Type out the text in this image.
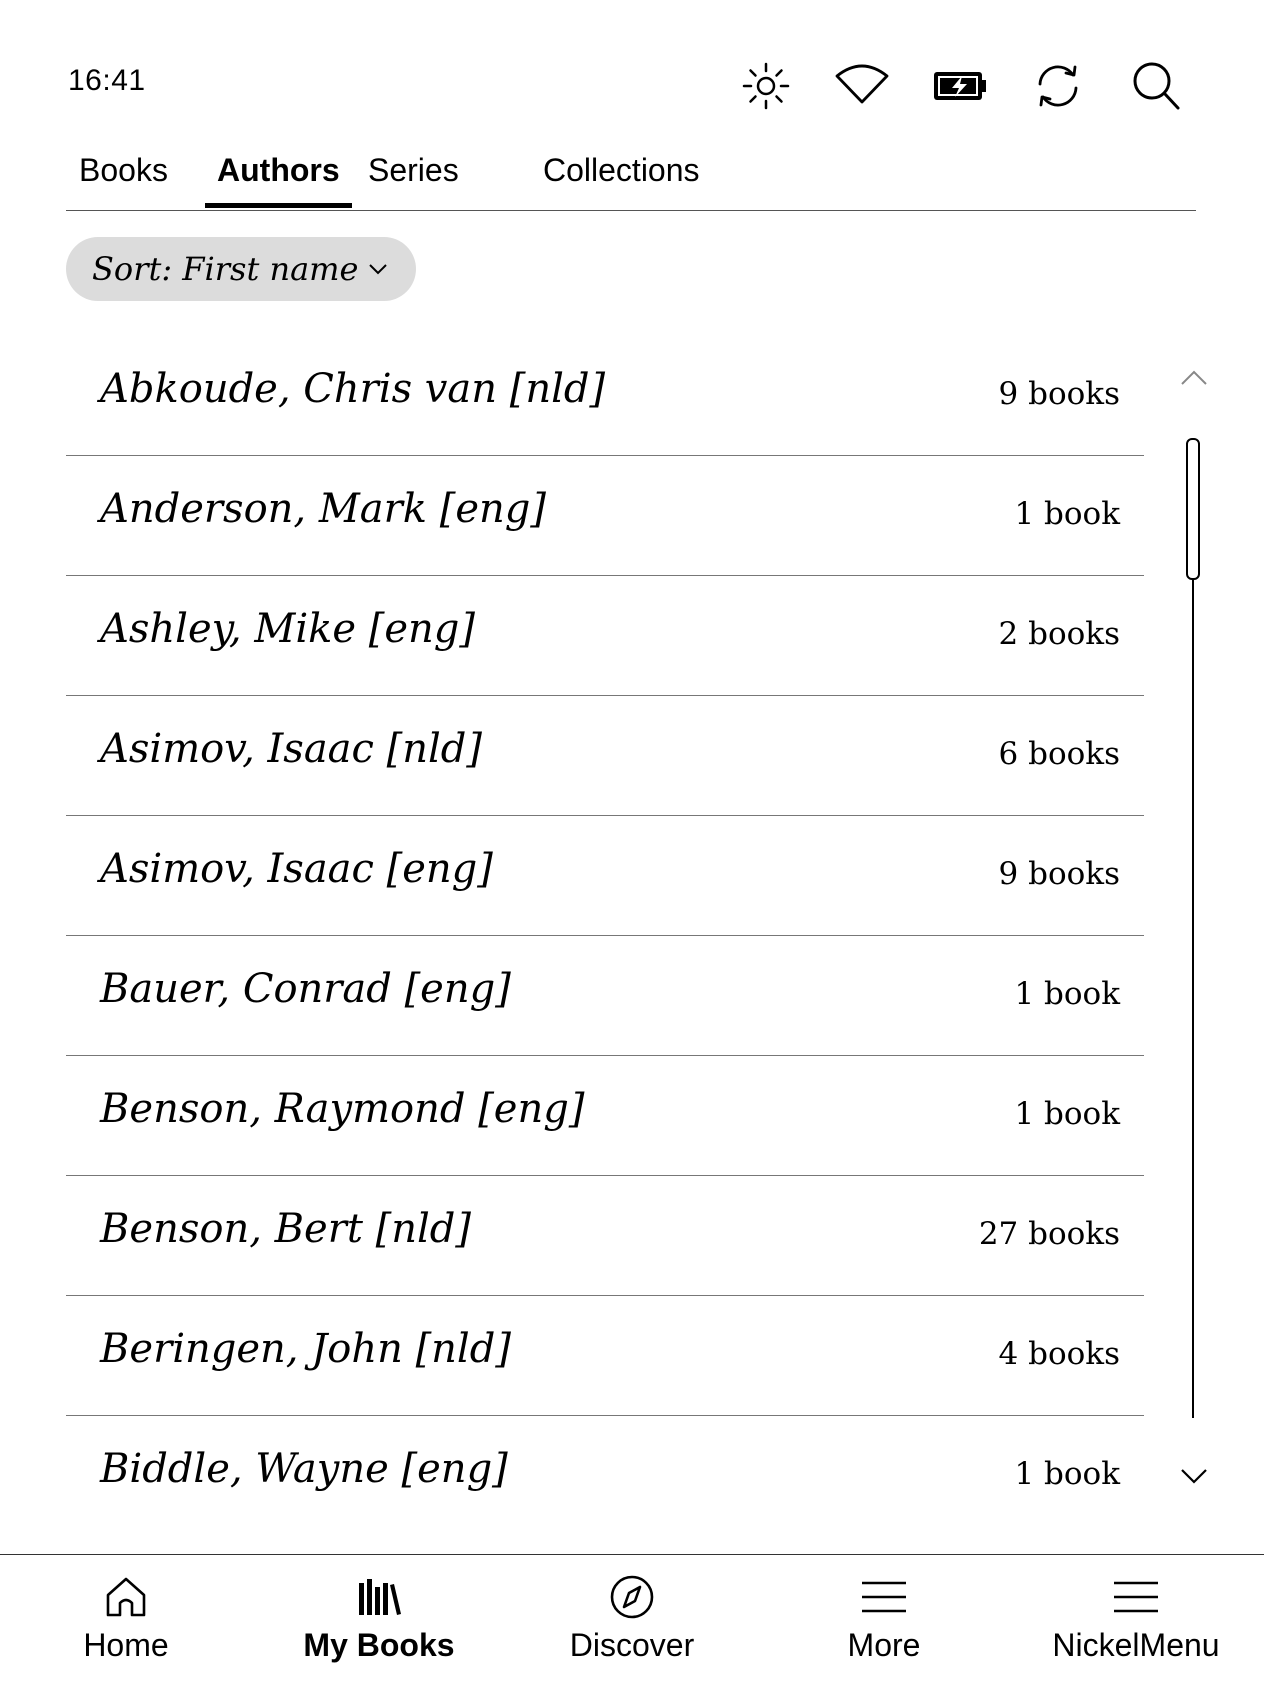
16:41
Books	Authors Series	Collections
Sort: First name
Abkoude, Chris van [nld]	9 books
Anderson, Mark [eng]	1 book
Ashley, Mike [eng]	2 books
Asimov, Isaac [nld]	6 books
Asimov, Isaac [eng]	9 books
Bauer, Conrad [eng]	1 book
Benson, Raymond [eng]	1 book
Benson, Bert [nld]	27 books
Beringen, John [nld]	4 books
Biddle, Wayne [eng]	1 book
Home	My Books	Discover	More	NickelMenu
